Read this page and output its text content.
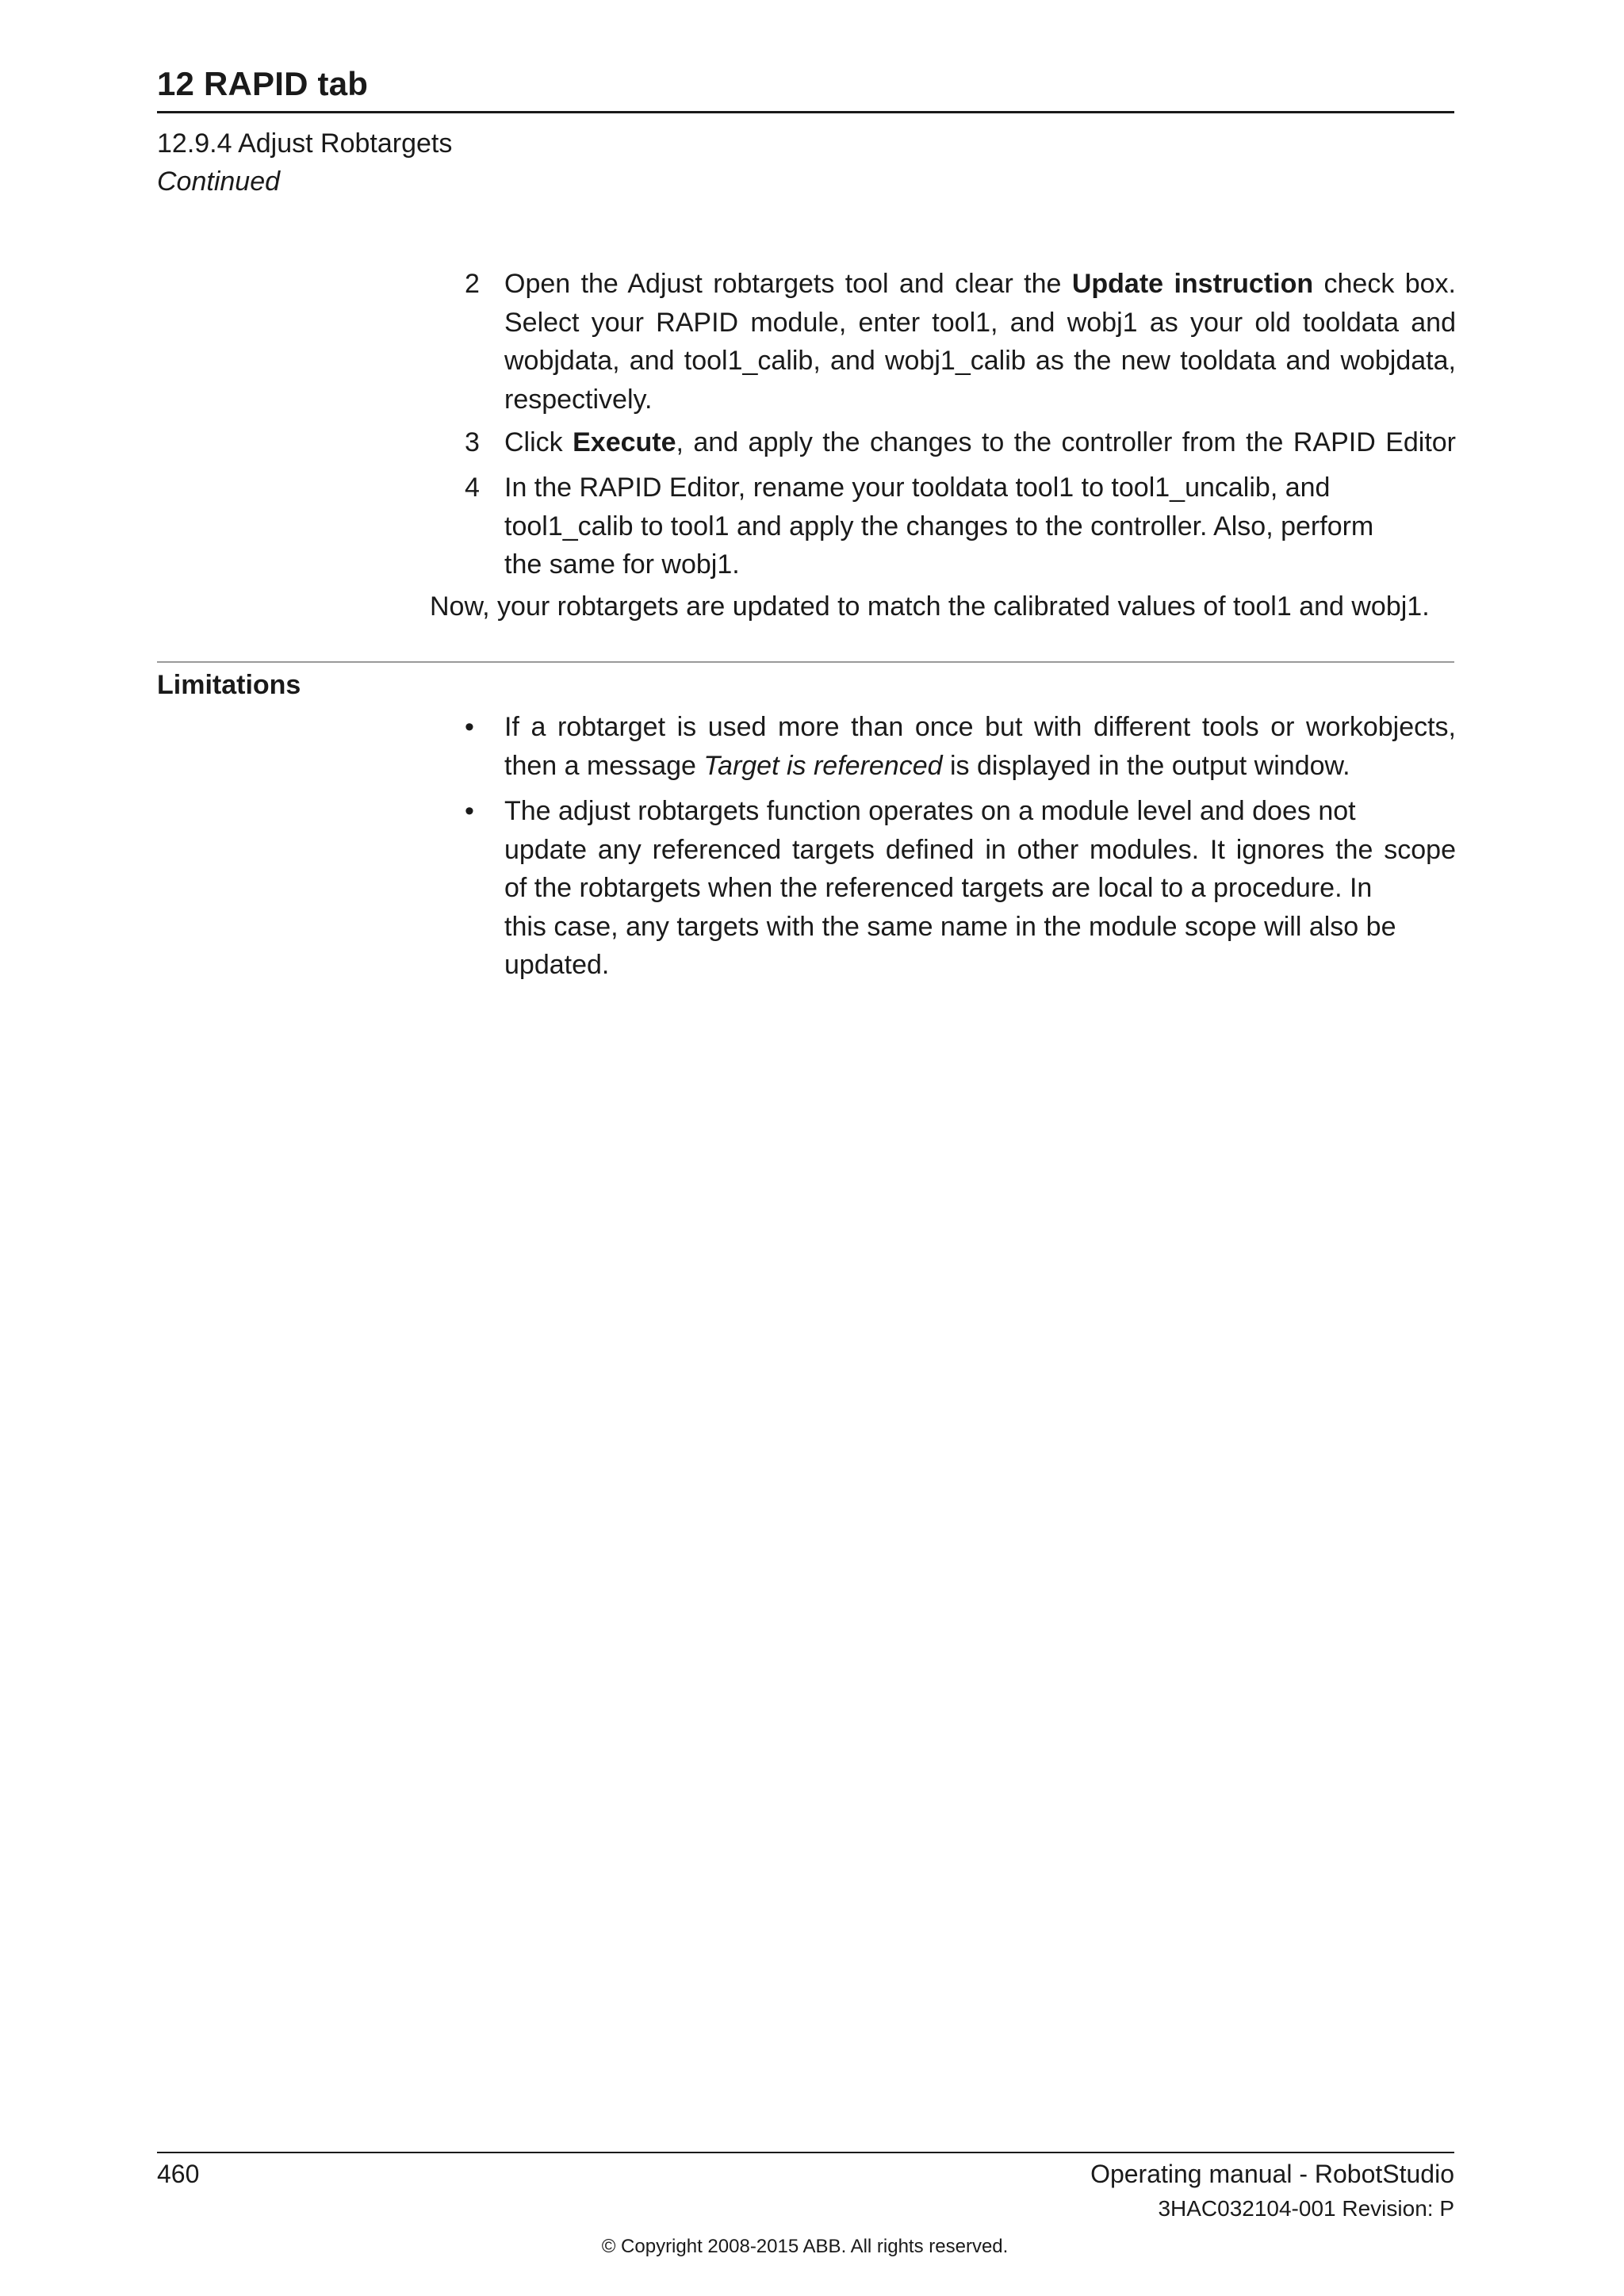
12 RAPID tab
12.9.4 Adjust Robtargets
Continued
2 Open the Adjust robtargets tool and clear the Update instruction check box.
Select your RAPID module, enter tool1, and wobj1 as your old tooldata and
wobjdata, and tool1_calib, and wobj1_calib as the new tooldata and wobjdata,
respectively.
3 Click Execute, and apply the changes to the controller from the RAPID Editor
4 In the RAPID Editor, rename your tooldata tool1 to tool1_uncalib, and
tool1_calib to tool1 and apply the changes to the controller. Also, perform
the same for wobj1.
Now, your robtargets are updated to match the calibrated values of tool1 and wobj1.
Limitations
• If a robtarget is used more than once but with different tools or workobjects,
then a message Target is referenced is displayed in the output window.
• The adjust robtargets function operates on a module level and does not
update any referenced targets defined in other modules. It ignores the scope
of the robtargets when the referenced targets are local to a procedure. In
this case, any targets with the same name in the module scope will also be
updated.
460	Operating manual - RobotStudio
3HAC032104-001 Revision: P
© Copyright 2008-2015 ABB. All rights reserved.
